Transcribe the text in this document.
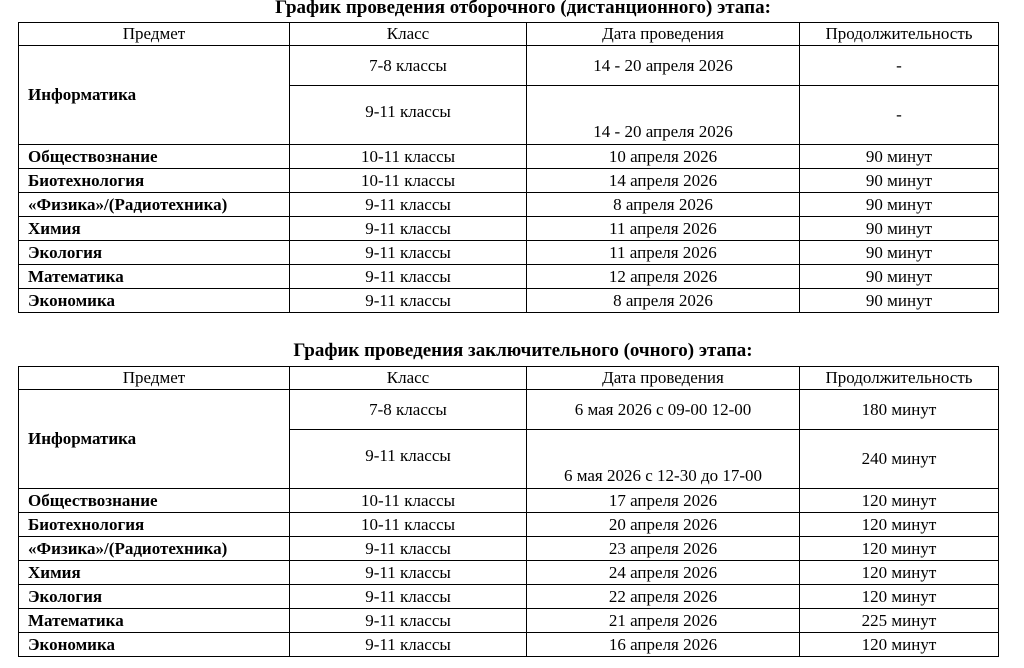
График проведения отборочного (дистанционного) этапа:
Предмет	Класс	Дата проведения	Продолжительность
Информатика	7-8 классы	14 - 20 апреля 2026	-
	9-11 классы	14 - 20 апреля 2026	-
Обществознание	10-11 классы	10 апреля 2026	90 минут
Биотехнология	10-11 классы	14 апреля 2026	90 минут
«Физика»/(Радиотехника)	9-11 классы	8 апреля 2026	90 минут
Химия	9-11 классы	11 апреля 2026	90 минут
Экология	9-11 классы	11 апреля 2026	90 минут
Математика	9-11 классы	12 апреля 2026	90 минут
Экономика	9-11 классы	8 апреля 2026	90 минут
График проведения заключительного (очного) этапа:
Предмет	Класс	Дата проведения	Продолжительность
Информатика	7-8 классы	6 мая 2026 с 09-00 12-00	180 минут
	9-11 классы	6 мая 2026 с 12-30 до 17-00	240 минут
Обществознание	10-11 классы	17 апреля 2026	120 минут
Биотехнология	10-11 классы	20 апреля 2026	120 минут
«Физика»/(Радиотехника)	9-11 классы	23 апреля 2026	120 минут
Химия	9-11 классы	24 апреля 2026	120 минут
Экология	9-11 классы	22 апреля 2026	120 минут
Математика	9-11 классы	21 апреля 2026	225 минут
Экономика	9-11 классы	16 апреля 2026	120 минут
